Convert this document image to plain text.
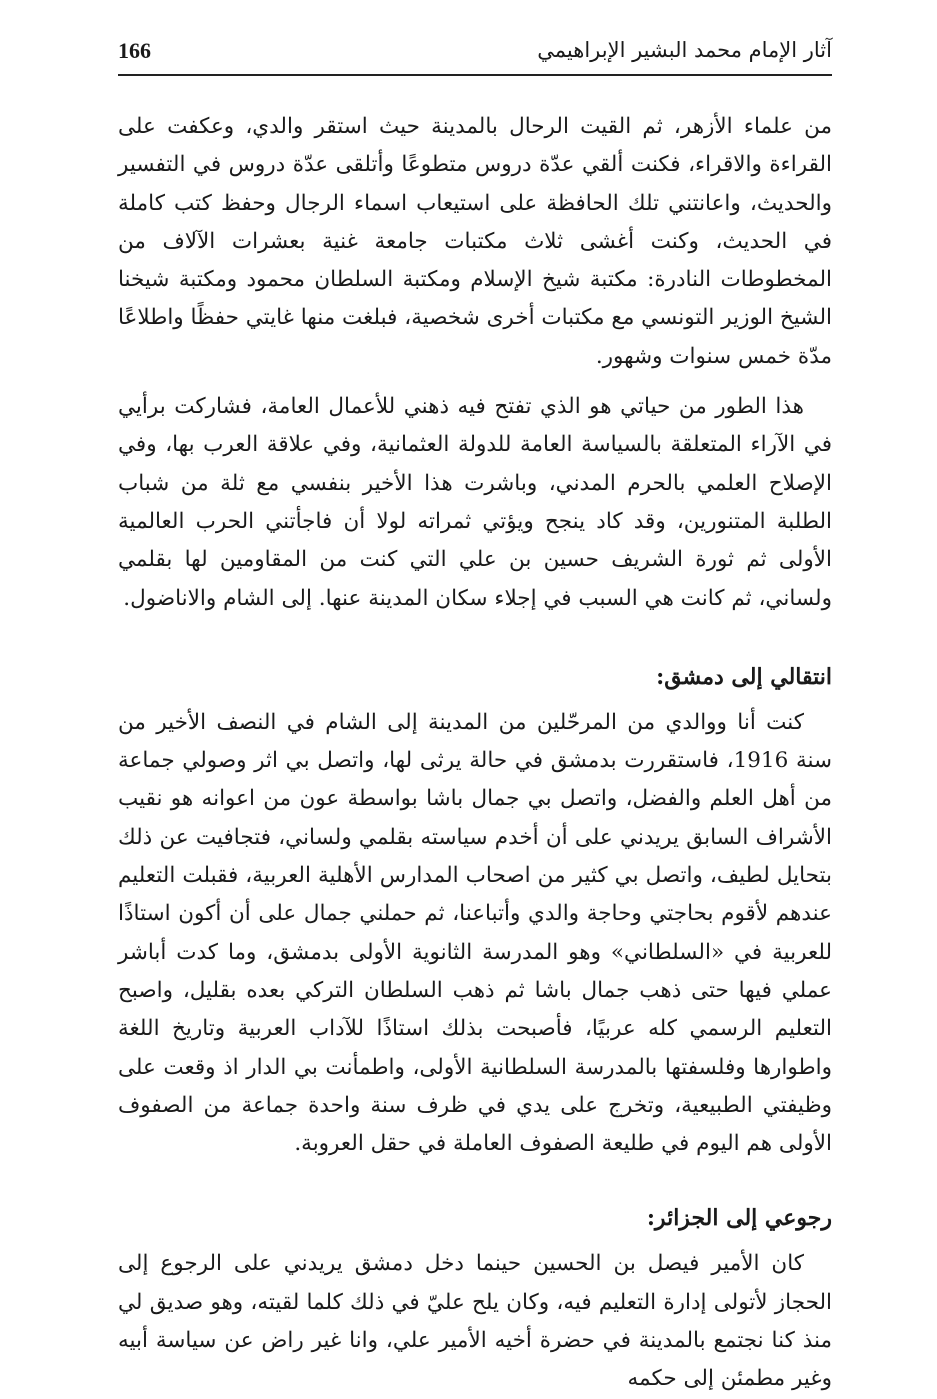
166	آثار الإمام محمد البشير الإبراهيمي

من علماء الأزهر، ثم القيت الرحال بالمدينة حيث استقر والدي، وعكفت على القراءة والاقراء، فكنت ألقي عدّة دروس متطوعًا وأتلقى عدّة دروس في التفسير والحديث، واعانتني تلك الحافظة على استيعاب اسماء الرجال وحفظ كتب كاملة في الحديث، وكنت أغشى ثلاث مكتبات جامعة غنية بعشرات الآلاف من المخطوطات النادرة: مكتبة شيخ الإسلام ومكتبة السلطان محمود ومكتبة شيخنا الشيخ الوزير التونسي مع مكتبات أخرى شخصية، فبلغت منها غايتي حفظًا واطلاعًا مدّة خمس سنوات وشهور.

هذا الطور من حياتي هو الذي تفتح فيه ذهني للأعمال العامة، فشاركت برأيي في الآراء المتعلقة بالسياسة العامة للدولة العثمانية، وفي علاقة العرب بها، وفي الإصلاح العلمي بالحرم المدني، وباشرت هذا الأخير بنفسي مع ثلة من شباب الطلبة المتنورين، وقد كاد ينجح ويؤتي ثمراته لولا أن فاجأتني الحرب العالمية الأولى ثم ثورة الشريف حسين بن علي التي كنت من المقاومين لها بقلمي ولساني، ثم كانت هي السبب في إجلاء سكان المدينة عنها. إلى الشام والاناضول.

انتقالي إلى دمشق:

كنت أنا ووالدي من المرحّلين من المدينة إلى الشام في النصف الأخير من سنة 1916، فاستقررت بدمشق في حالة يرثى لها، واتصل بي اثر وصولي جماعة من أهل العلم والفضل، واتصل بي جمال باشا بواسطة عون من اعوانه هو نقيب الأشراف السابق يريدني على أن أخدم سياسته بقلمي ولساني، فتجافيت عن ذلك بتحايل لطيف، واتصل بي كثير من اصحاب المدارس الأهلية العربية، فقبلت التعليم عندهم لأقوم بحاجتي وحاجة والدي وأتباعنا، ثم حملني جمال على أن أكون استاذًا للعربية في «السلطاني» وهو المدرسة الثانوية الأولى بدمشق، وما كدت أباشر عملي فيها حتى ذهب جمال باشا ثم ذهب السلطان التركي بعده بقليل، واصبح التعليم الرسمي كله عربيًا، فأصبحت بذلك استاذًا للآداب العربية وتاريخ اللغة واطوارها وفلسفتها بالمدرسة السلطانية الأولى، واطمأنت بي الدار اذ وقعت على وظيفتي الطبيعية، وتخرج على يدي في ظرف سنة واحدة جماعة من الصفوف الأولى هم اليوم في طليعة الصفوف العاملة في حقل العروبة.

رجوعي إلى الجزائر:

كان الأمير فيصل بن الحسين حينما دخل دمشق يريدني على الرجوع إلى الحجاز لأتولى إدارة التعليم فيه، وكان يلح عليّ في ذلك كلما لقيته، وهو صديق لي منذ كنا نجتمع بالمدينة في حضرة أخيه الأمير علي، وانا غير راض عن سياسة أبيه وغير مطمئن إلى حكمه
